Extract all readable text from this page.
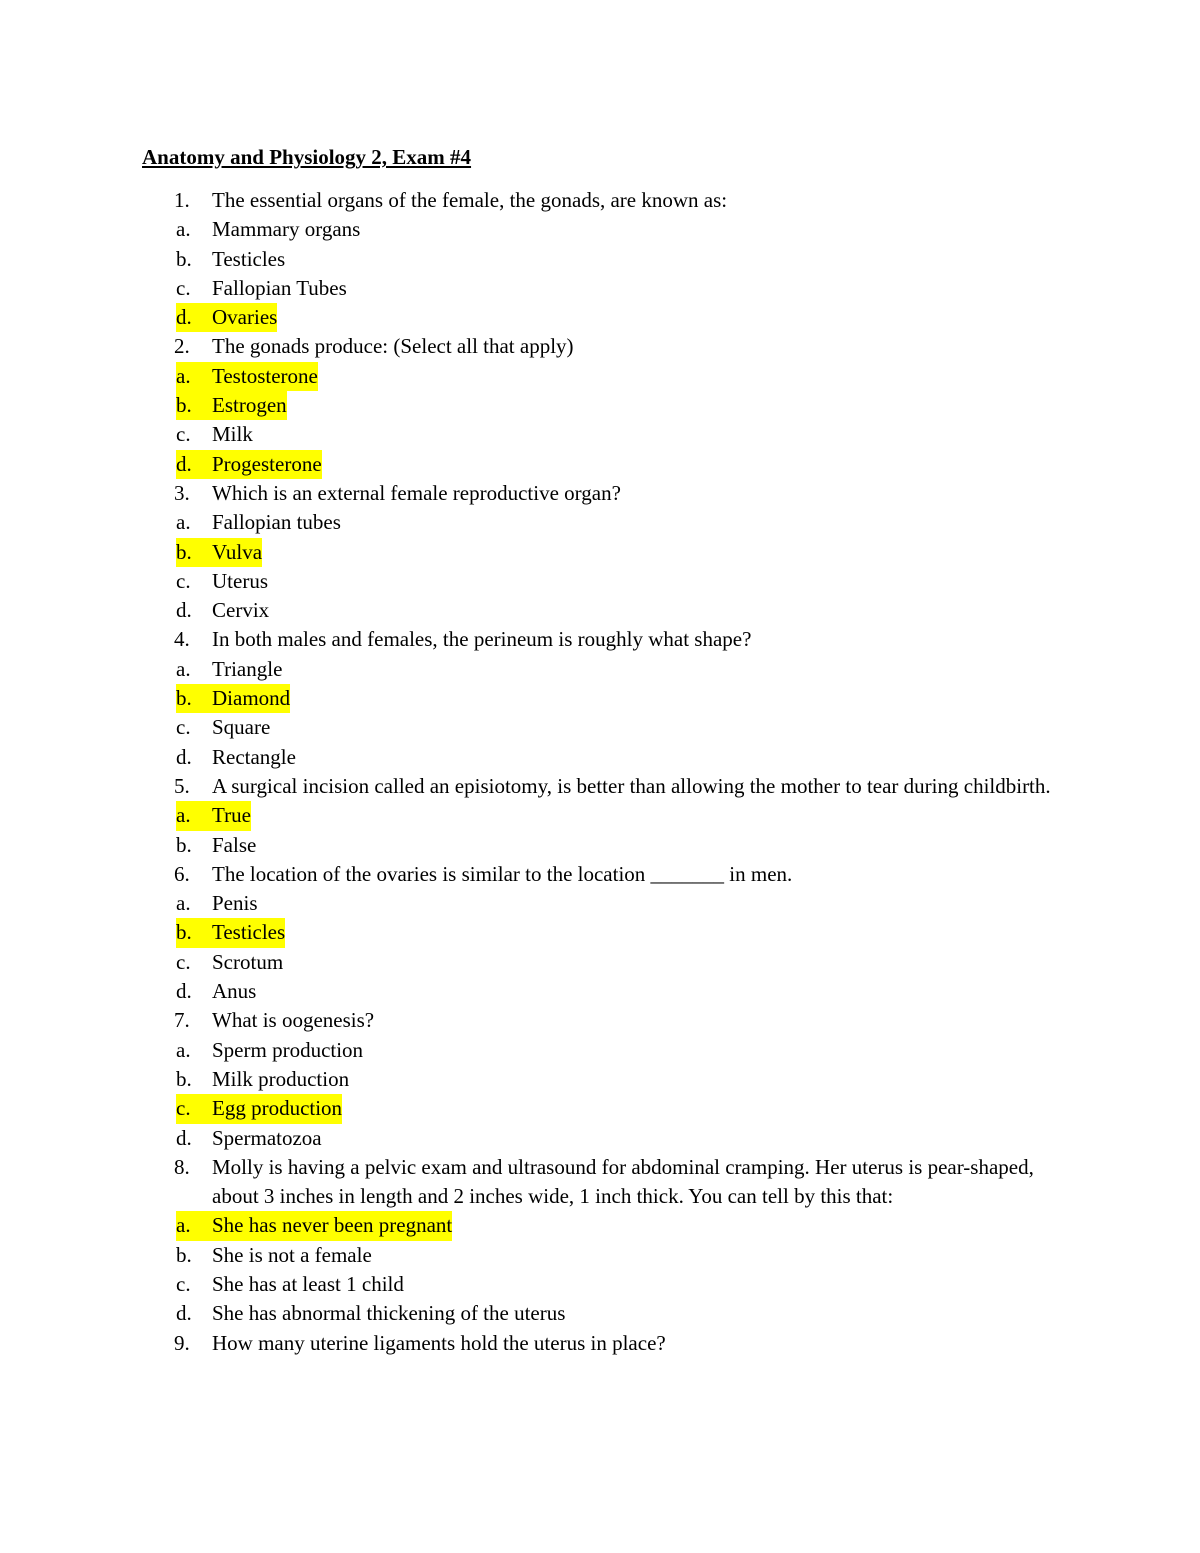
Anatomy and Physiology 2, Exam #4
1. The essential organs of the female, the gonads, are known as:
a. Mammary organs
b. Testicles
c. Fallopian Tubes
d. Ovaries
2. The gonads produce: (Select all that apply)
a. Testosterone
b. Estrogen
c. Milk
d. Progesterone
3. Which is an external female reproductive organ?
a. Fallopian tubes
b. Vulva
c. Uterus
d. Cervix
4. In both males and females, the perineum is roughly what shape?
a. Triangle
b. Diamond
c. Square
d. Rectangle
5. A surgical incision called an episiotomy, is better than allowing the mother to tear during childbirth.
a. True
b. False
6. The location of the ovaries is similar to the location _______ in men.
a. Penis
b. Testicles
c. Scrotum
d. Anus
7. What is oogenesis?
a. Sperm production
b. Milk production
c. Egg production
d. Spermatozoa
8. Molly is having a pelvic exam and ultrasound for abdominal cramping. Her uterus is pear-shaped, about 3 inches in length and 2 inches wide, 1 inch thick. You can tell by this that:
a. She has never been pregnant
b. She is not a female
c. She has at least 1 child
d. She has abnormal thickening of the uterus
9. How many uterine ligaments hold the uterus in place?
